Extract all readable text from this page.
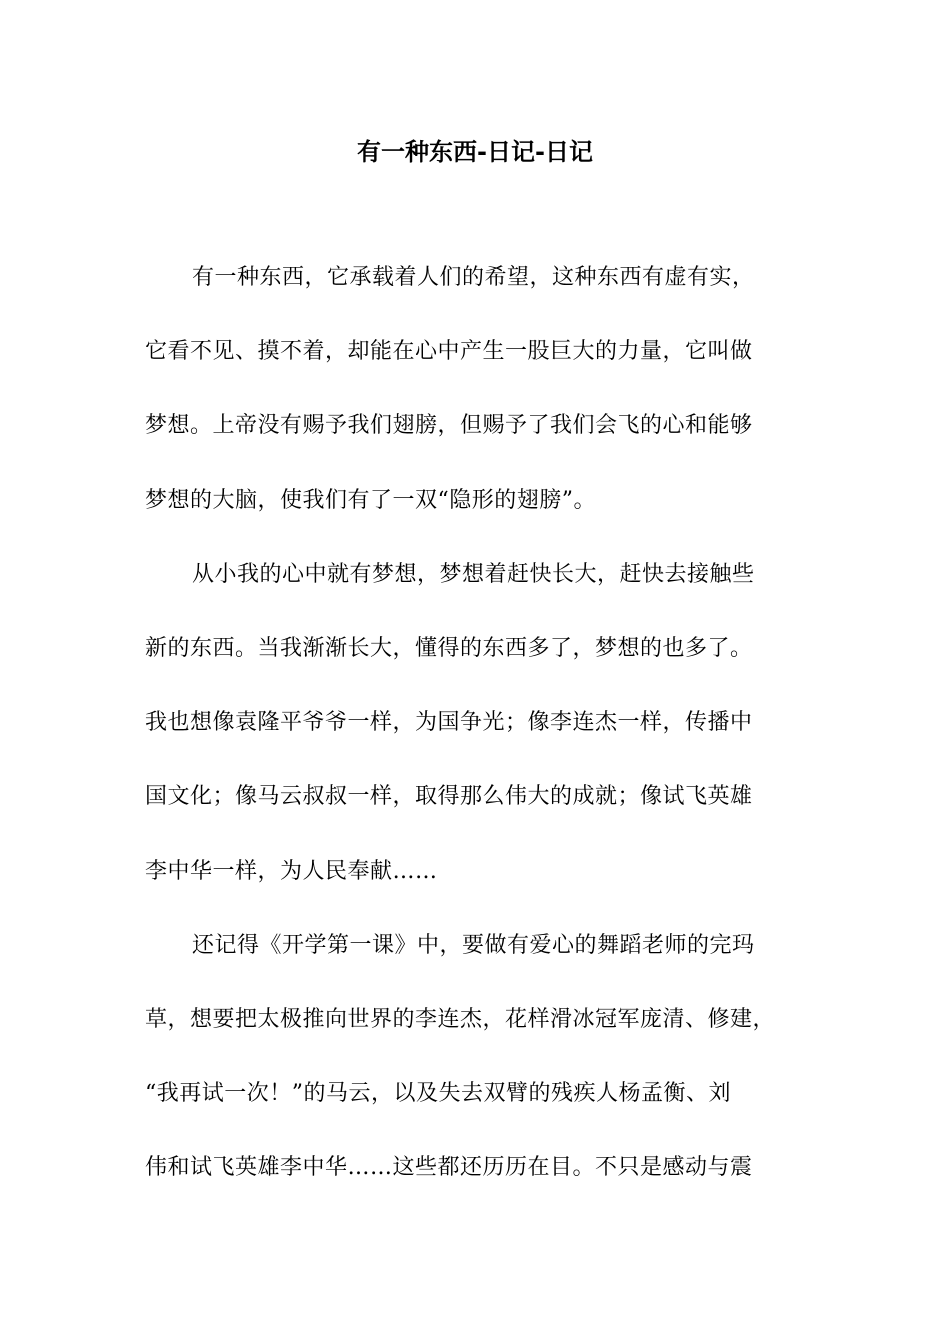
有一种东西-日记-日记
有一种东西，它承载着人们的希望，这种东西有虚有实，
它看不见、摸不着，却能在心中产生一股巨大的力量，它叫做
梦想。上帝没有赐予我们翅膀，但赐予了我们会飞的心和能够
梦想的大脑，使我们有了一双“隐形的翅膀”。
从小我的心中就有梦想，梦想着赶快长大，赶快去接触些
新的东西。当我渐渐长大，懂得的东西多了，梦想的也多了。
我也想像袁隆平爷爷一样，为国争光；像李连杰一样，传播中
国文化；像马云叔叔一样，取得那么伟大的成就；像试飞英雄
李中华一样，为人民奉献……
还记得《开学第一课》中，要做有爱心的舞蹈老师的完玛
草，想要把太极推向世界的李连杰，花样滑冰冠军庞清、修建，
“我再试一次！”的马云，以及失去双臂的残疾人杨孟衡、刘
伟和试飞英雄李中华……这些都还历历在目。不只是感动与震
